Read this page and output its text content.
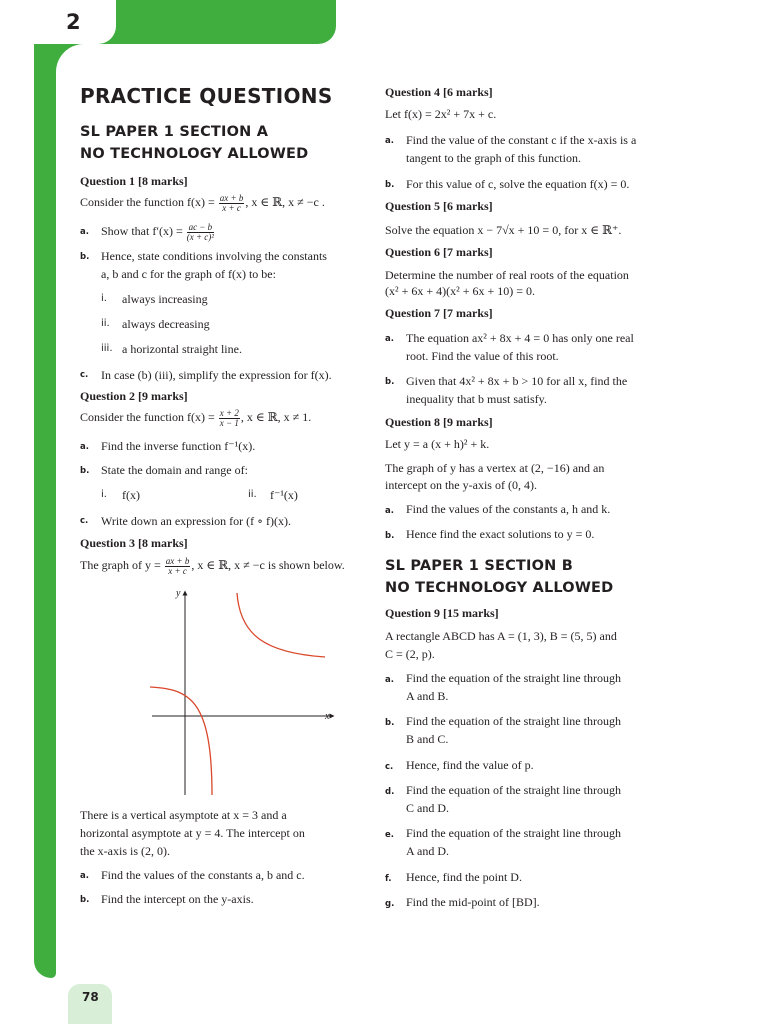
2
78
PRACTICE QUESTIONS
SL PAPER 1 SECTION A
NO TECHNOLOGY ALLOWED
Question 1 [8 marks]
Consider the function $f(x) = \frac{ax + b}{x + c}$ , x ∈ ℝ, x ≠ −c .
a. Show that $f'(x) = \frac{ac - b}{\text{(x + c)²}}$
b. Hence, state conditions involving the constants
a, b and c for the graph of f(x) to be:
i. always increasing
ii. always decreasing
iii. a horizontal straight line.
c. In case (b) (iii), simplify the expression for f(x).
Question 2 [9 marks]
Consider the function $f(x) = \frac{x + 2}{x - 1}$ , x ∈ ℝ, x ≠ 1.
a. Find the inverse function f⁻¹(x).
b. State the domain and range of:
i. f(x)	ii. f⁻¹(x)
c. Write down an expression for (f ∘ f)(x).
Question 3 [8 marks]
The graph of $y = \frac{ax + b}{x + c}$ , x ∈ ℝ, x ≠ −c is shown below.
y
x
There is a vertical asymptote at x = 3 and a
horizontal asymptote at y = 4. The intercept on
the x-axis is (2, 0).
a. Find the values of the constants a, b and c.
b. Find the intercept on the y-axis.
Question 4 [6 marks]
Let f(x) = 2x² + 7x + c.
a. Find the value of the constant c if the x-axis is a
tangent to the graph of this function.
b. For this value of c, solve the equation f(x) = 0.
Question 5 [6 marks]
Solve the equation x − 7√x + 10 = 0, for x ∈ ℝ⁺.
Question 6 [7 marks]
Determine the number of real roots of the equation
(x² + 6x + 4)(x² + 6x + 10) = 0.
Question 7 [7 marks]
a. The equation ax² + 8x + 4 = 0 has only one real
root. Find the value of this root.
b. Given that 4x² + 8x + b > 10 for all x, find the
inequality that b must satisfy.
Question 8 [9 marks]
Let y = a (x + h)² + k.
The graph of y has a vertex at (2, −16) and an
intercept on the y-axis of (0, 4).
a. Find the values of the constants a, h and k.
b. Hence find the exact solutions to y = 0.
SL PAPER 1 SECTION B
NO TECHNOLOGY ALLOWED
Question 9 [15 marks]
A rectangle ABCD has A = (1, 3), B = (5, 5) and
C = (2, p).
a. Find the equation of the straight line through
A and B.
b. Find the equation of the straight line through
B and C.
c. Hence, find the value of p.
d. Find the equation of the straight line through
C and D.
e. Find the equation of the straight line through
A and D.
f. Hence, find the point D.
g. Find the mid-point of [BD].
